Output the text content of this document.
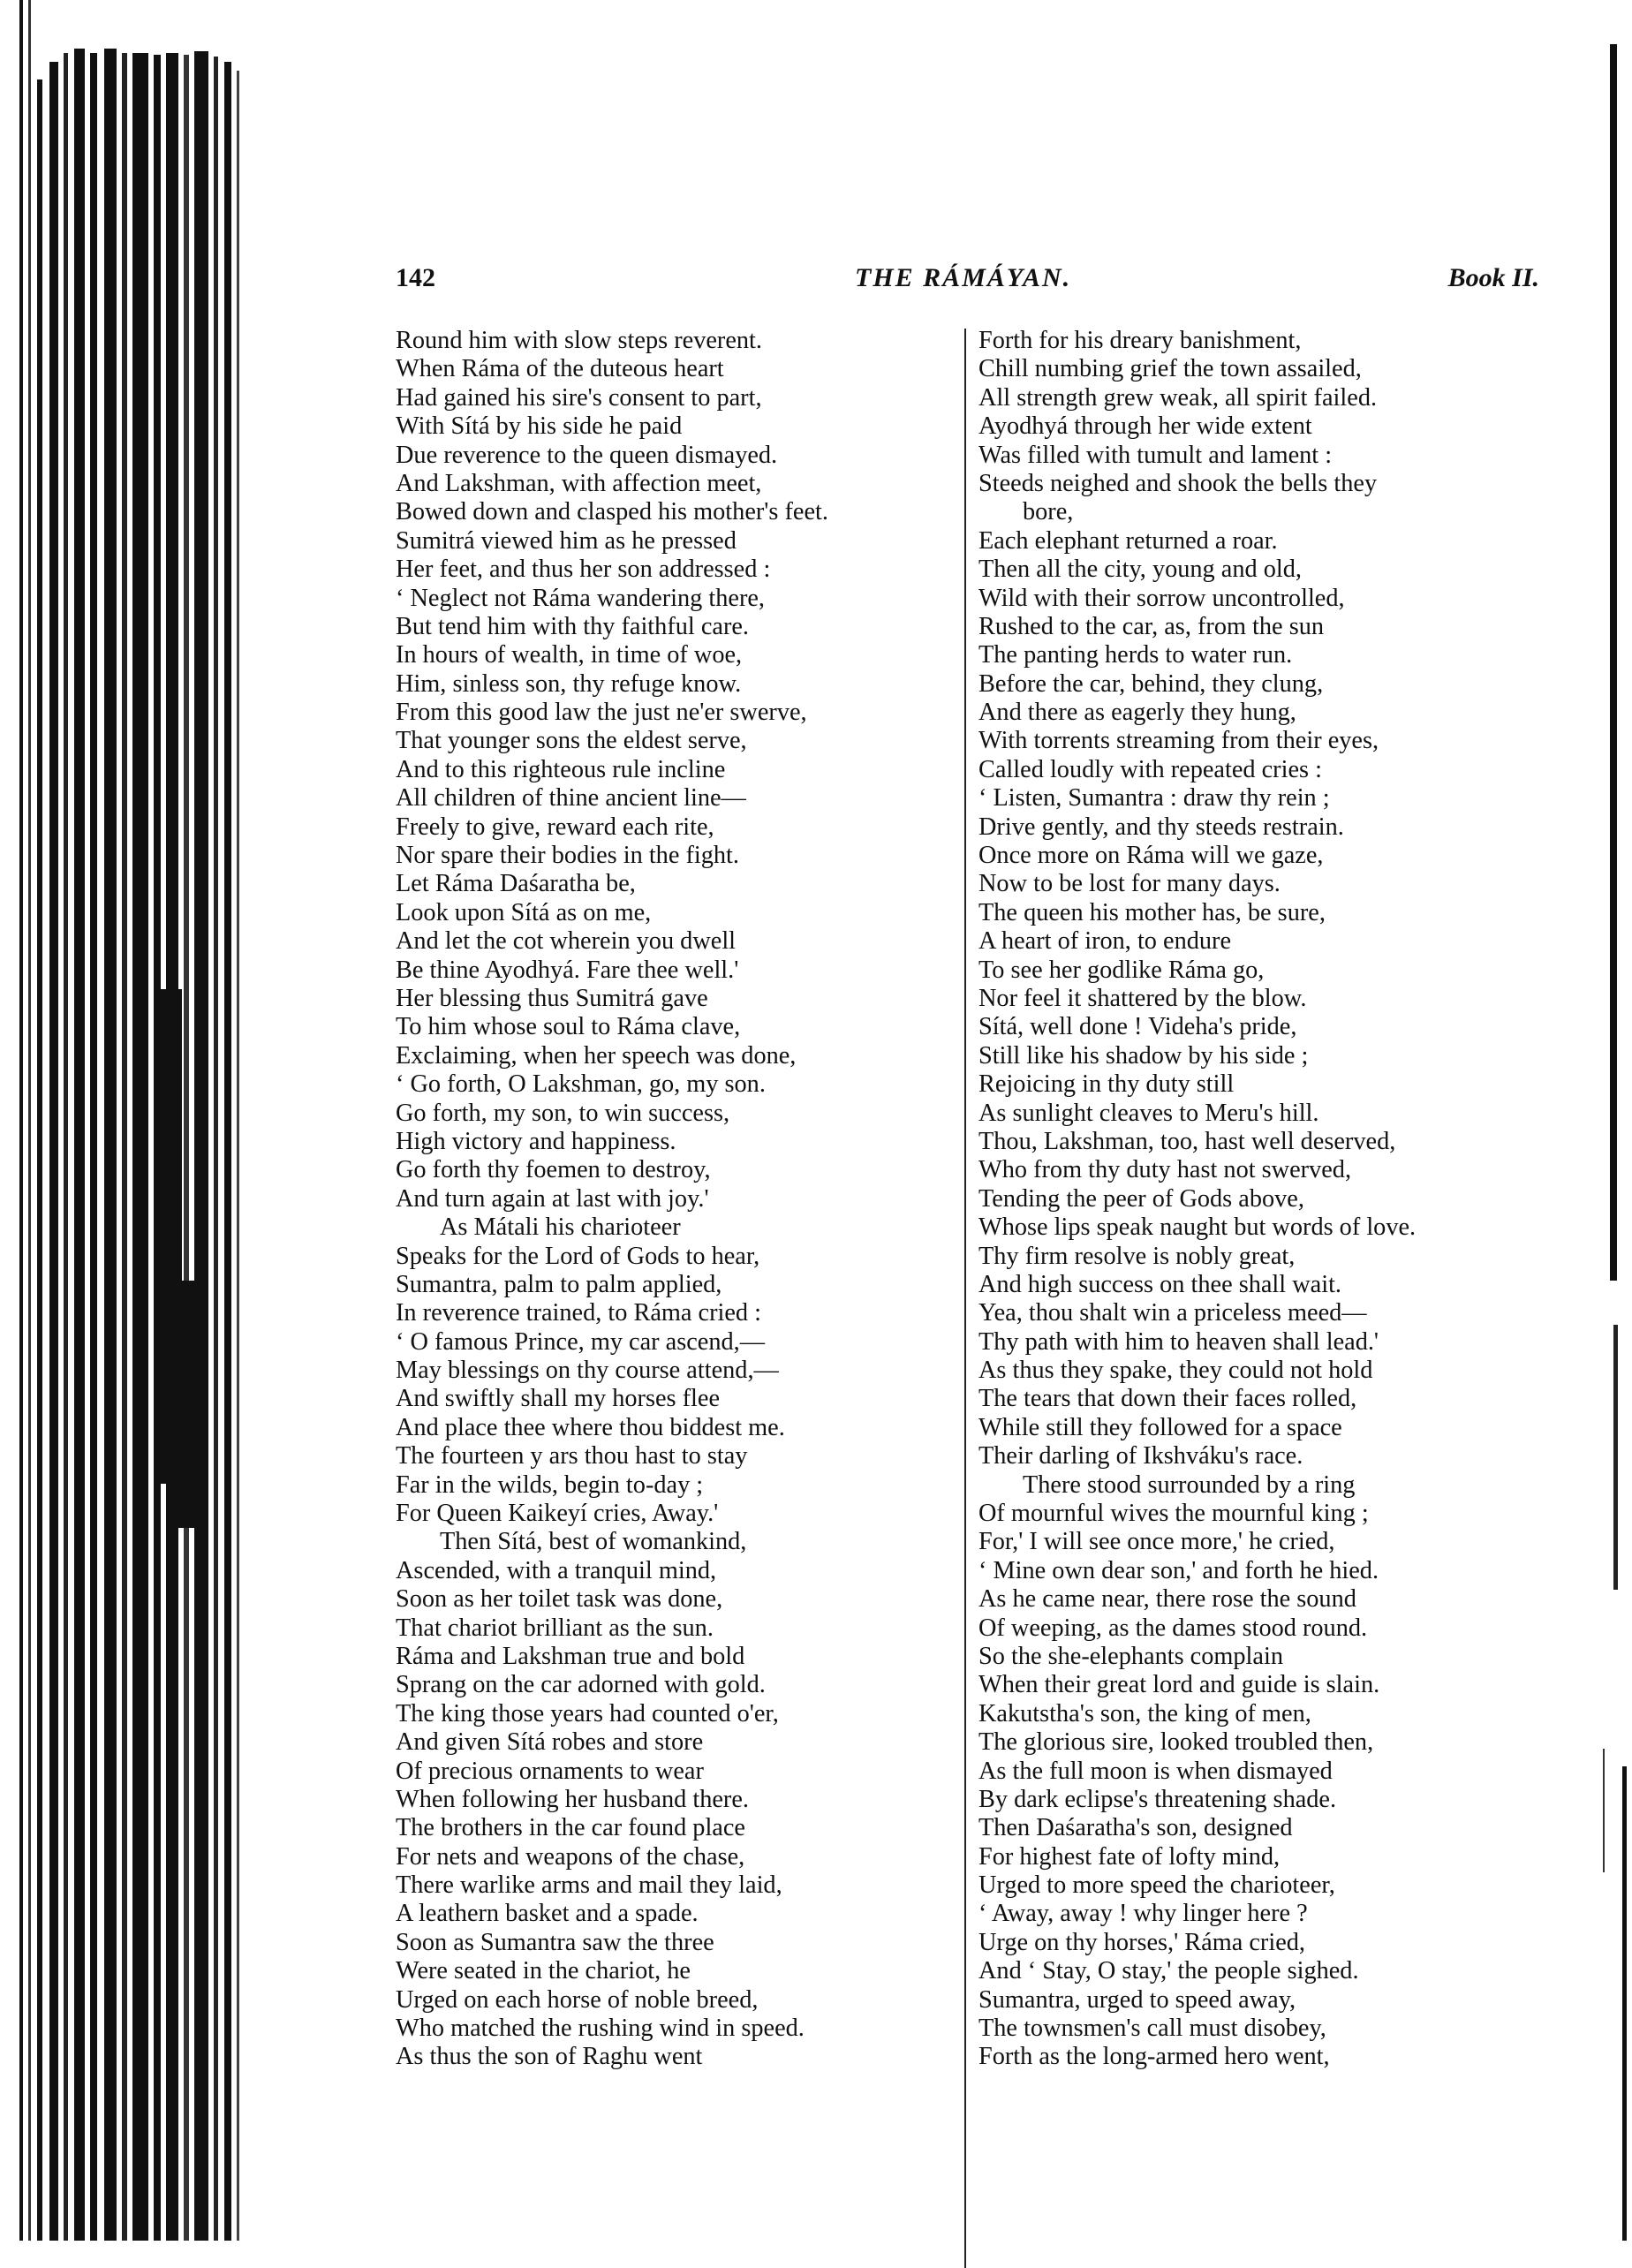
142	THE RÁMÁYAN.	Book II.
Round him with slow steps reverent.
When Ráma of the duteous heart
Had gained his sire's consent to part,
With Sítá by his side he paid
Due reverence to the queen dismayed.
And Lakshman, with affection meet,
Bowed down and clasped his mother's feet.
Sumitrá viewed him as he pressed
Her feet, and thus her son addressed :
‘ Neglect not Ráma wandering there,
But tend him with thy faithful care.
In hours of wealth, in time of woe,
Him, sinless son, thy refuge know.
From this good law the just ne'er swerve,
That younger sons the eldest serve,
And to this righteous rule incline
All children of thine ancient line—
Freely to give, reward each rite,
Nor spare their bodies in the fight.
Let Ráma Daśaratha be,
Look upon Sítá as on me,
And let the cot wherein you dwell
Be thine Ayodhyá. Fare thee well.'
Her blessing thus Sumitrá gave
To him whose soul to Ráma clave,
Exclaiming, when her speech was done,
‘ Go forth, O Lakshman, go, my son.
Go forth, my son, to win success,
High victory and happiness.
Go forth thy foemen to destroy,
And turn again at last with joy.'
As Mátali his charioteer
Speaks for the Lord of Gods to hear,
Sumantra, palm to palm applied,
In reverence trained, to Ráma cried :
‘ O famous Prince, my car ascend,—
May blessings on thy course attend,—
And swiftly shall my horses flee
And place thee where thou biddest me.
The fourteen y ars thou hast to stay
Far in the wilds, begin to-day ;
For Queen Kaikeyí cries, Away.'
Then Sítá, best of womankind,
Ascended, with a tranquil mind,
Soon as her toilet task was done,
That chariot brilliant as the sun.
Ráma and Lakshman true and bold
Sprang on the car adorned with gold.
The king those years had counted o'er,
And given Sítá robes and store
Of precious ornaments to wear
When following her husband there.
The brothers in the car found place
For nets and weapons of the chase,
There warlike arms and mail they laid,
A leathern basket and a spade.
Soon as Sumantra saw the three
Were seated in the chariot, he
Urged on each horse of noble breed,
Who matched the rushing wind in speed.
As thus the son of Raghu went
Forth for his dreary banishment,
Chill numbing grief the town assailed,
All strength grew weak, all spirit failed.
Ayodhyá through her wide extent
Was filled with tumult and lament :
Steeds neighed and shook the bells they
bore,
Each elephant returned a roar.
Then all the city, young and old,
Wild with their sorrow uncontrolled,
Rushed to the car, as, from the sun
The panting herds to water run.
Before the car, behind, they clung,
And there as eagerly they hung,
With torrents streaming from their eyes,
Called loudly with repeated cries :
‘ Listen, Sumantra : draw thy rein ;
Drive gently, and thy steeds restrain.
Once more on Ráma will we gaze,
Now to be lost for many days.
The queen his mother has, be sure,
A heart of iron, to endure
To see her godlike Ráma go,
Nor feel it shattered by the blow.
Sítá, well done ! Videha's pride,
Still like his shadow by his side ;
Rejoicing in thy duty still
As sunlight cleaves to Meru's hill.
Thou, Lakshman, too, hast well deserved,
Who from thy duty hast not swerved,
Tending the peer of Gods above,
Whose lips speak naught but words of love.
Thy firm resolve is nobly great,
And high success on thee shall wait.
Yea, thou shalt win a priceless meed—
Thy path with him to heaven shall lead.'
As thus they spake, they could not hold
The tears that down their faces rolled,
While still they followed for a space
Their darling of Ikshváku's race.
There stood surrounded by a ring
Of mournful wives the mournful king ;
For,' I will see once more,' he cried,
‘ Mine own dear son,' and forth he hied.
As he came near, there rose the sound
Of weeping, as the dames stood round.
So the she-elephants complain
When their great lord and guide is slain.
Kakutstha's son, the king of men,
The glorious sire, looked troubled then,
As the full moon is when dismayed
By dark eclipse's threatening shade.
Then Daśaratha's son, designed
For highest fate of lofty mind,
Urged to more speed the charioteer,
‘ Away, away ! why linger here ?
Urge on thy horses,' Ráma cried,
And ‘ Stay, O stay,' the people sighed.
Sumantra, urged to speed away,
The townsmen's call must disobey,
Forth as the long-armed hero went,
